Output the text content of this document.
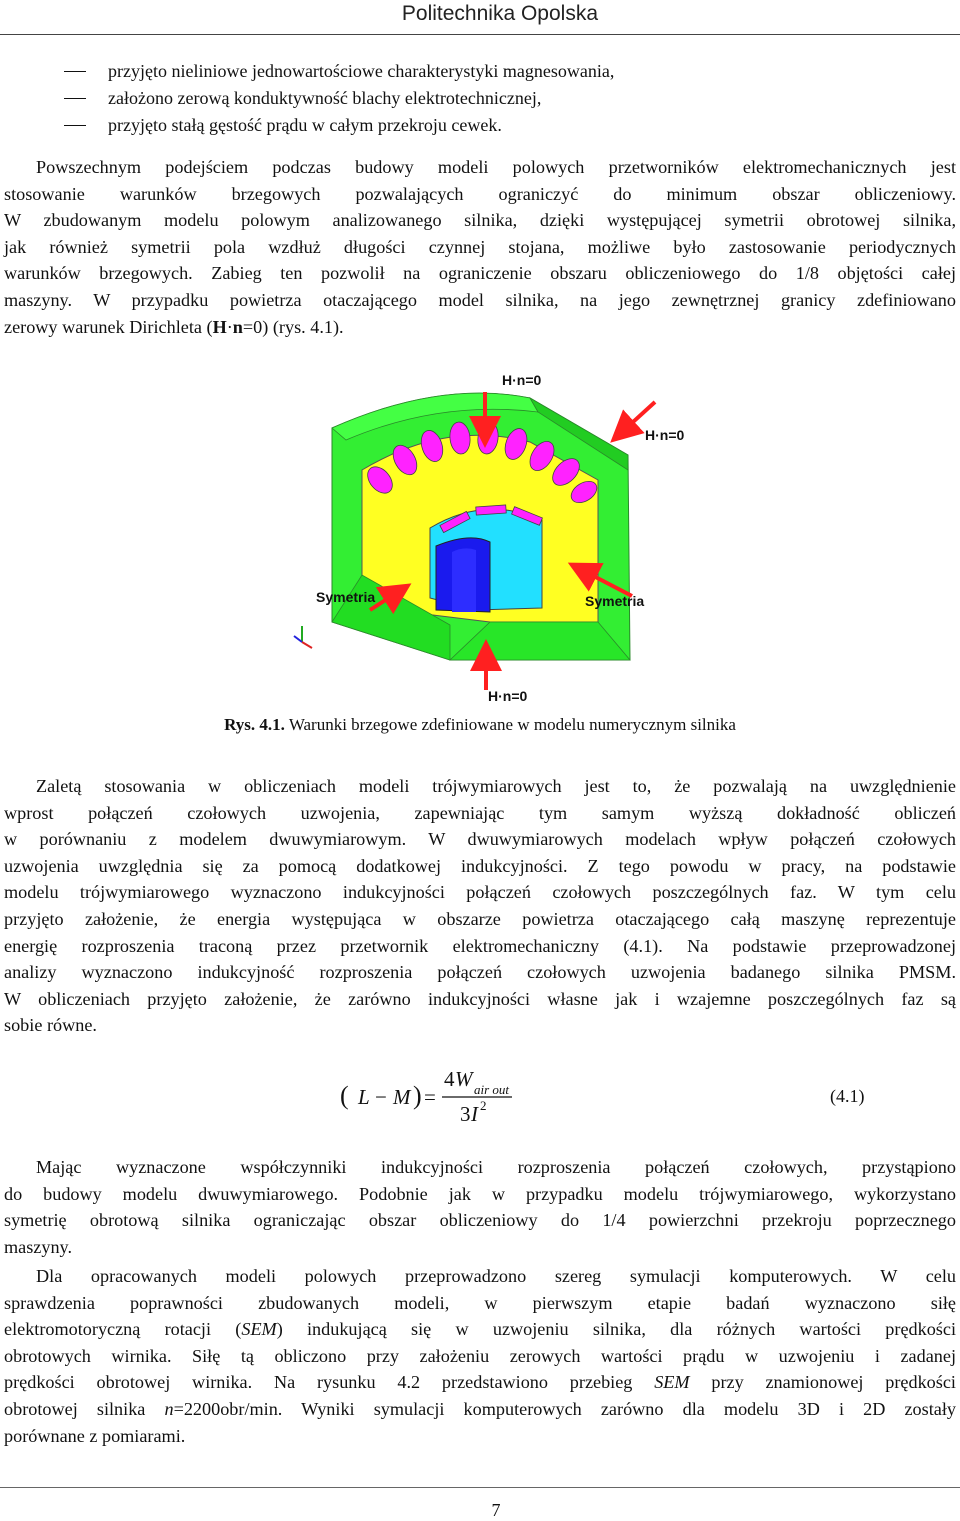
Politechnika Opolska
przyjęto nieliniowe jednowartościowe charakterystyki magnesowania,
założono zerową konduktywność blachy elektrotechnicznej,
przyjęto stałą gęstość prądu w całym przekroju cewek.
Powszechnym podejściem podczas budowy modeli polowych przetworników elektromechanicznych jest
stosowanie warunków brzegowych pozwalających ograniczyć do minimum obszar obliczeniowy.
W zbudowanym modelu polowym analizowanego silnika, dzięki występującej symetrii obrotowej silnika,
jak również symetrii pola wzdłuż długości czynnej stojana, możliwe było zastosowanie periodycznych
warunków brzegowych. Zabieg ten pozwolił na ograniczenie obszaru obliczeniowego do 1/8 objętości całej
maszyny. W przypadku powietrza otaczającego model silnika, na jego zewnętrznej granicy zdefiniowano
zerowy warunek Dirichleta (H·n=0) (rys. 4.1).
H·n=0
H·n=0
Symetria	Symetria
H·n=0
Rys. 4.1. Warunki brzegowe zdefiniowane w modelu numerycznym silnika
Zaletą stosowania w obliczeniach modeli trójwymiarowych jest to, że pozwalają na uwzględnienie
wprost połączeń czołowych uzwojenia, zapewniając tym samym wyższą dokładność obliczeń
w porównaniu z modelem dwuwymiarowym. W dwuwymiarowych modelach wpływ połączeń czołowych
uzwojenia uwzględnia się za pomocą dodatkowej indukcyjności. Z tego powodu w pracy, na podstawie
modelu trójwymiarowego wyznaczono indukcyjności połączeń czołowych poszczególnych faz. W tym celu
przyjęto założenie, że energia występująca w obszarze powietrza otaczającego całą maszynę reprezentuje
energię rozproszenia traconą przez przetwornik elektromechaniczny (4.1). Na podstawie przeprowadzonej
analizy wyznaczono indukcyjność rozproszenia połączeń czołowych uzwojenia badanego silnika PMSM.
W obliczeniach przyjęto założenie, że zarówno indukcyjności własne jak i wzajemne poszczególnych faz są
sobie równe.
( L − M ) =
4 W air out
3 I 2	(4.1)
Mając wyznaczone współczynniki indukcyjności rozproszenia połączeń czołowych, przystąpiono
do budowy modelu dwuwymiarowego. Podobnie jak w przypadku modelu trójwymiarowego, wykorzystano
symetrię obrotową silnika ograniczając obszar obliczeniowy do 1/4 powierzchni przekroju poprzecznego
maszyny.
Dla opracowanych modeli polowych przeprowadzono szereg symulacji komputerowych. W celu
sprawdzenia poprawności zbudowanych modeli, w pierwszym etapie badań wyznaczono siłę
elektromotoryczną rotacji (SEM) indukującą się w uzwojeniu silnika, dla różnych wartości prędkości
obrotowych wirnika. Siłę tą obliczono przy założeniu zerowych wartości prądu w uzwojeniu i zadanej
prędkości obrotowej wirnika. Na rysunku 4.2 przedstawiono przebieg SEM przy znamionowej prędkości
obrotowej silnika n=2200obr/min. Wyniki symulacji komputerowych zarówno dla modelu 3D i 2D zostały
porównane z pomiarami.
7
